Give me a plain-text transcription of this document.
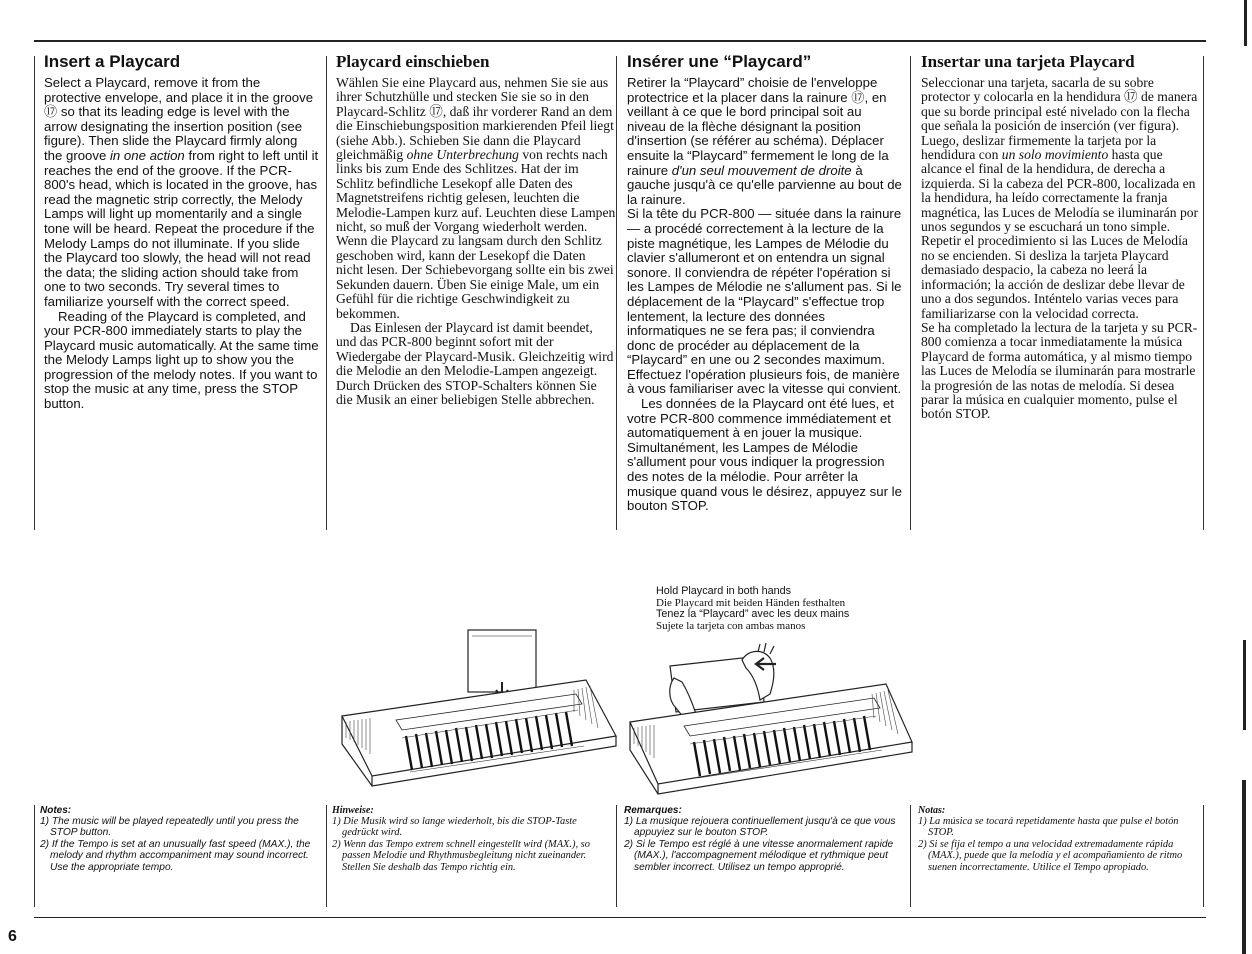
Insert a Playcard

Select a Playcard, remove it from the protective envelope, and place it in the groove ⑰ so that its leading edge is level with the arrow designating the insertion position (see figure). Then slide the Playcard firmly along the groove in one action from right to left until it reaches the end of the groove. If the PCR-800's head, which is located in the groove, has read the magnetic strip correctly, the Melody Lamps will light up momentarily and a single tone will be heard. Repeat the procedure if the Melody Lamps do not illuminate. If you slide the Playcard too slowly, the head will not read the data; the sliding action should take from one to two seconds. Try several times to familiarize yourself with the correct speed.

Reading of the Playcard is completed, and your PCR-800 immediately starts to play the Playcard music automatically. At the same time the Melody Lamps light up to show you the progression of the melody notes. If you want to stop the music at any time, press the STOP button.

Playcard einschieben

Wählen Sie eine Playcard aus, nehmen Sie sie aus ihrer Schutzhülle und stecken Sie sie so in den Playcard-Schlitz ⑰, daß ihr vorderer Rand an dem die Einschiebungsposition markierenden Pfeil liegt (siehe Abb.). Schieben Sie dann die Playcard gleichmäßig ohne Unterbrechung von rechts nach links bis zum Ende des Schlitzes. Hat der im Schlitz befindliche Lesekopf alle Daten des Magnetstreifens richtig gelesen, leuchten die Melodie-Lampen kurz auf. Leuchten diese Lampen nicht, so muß der Vorgang wiederholt werden. Wenn die Playcard zu langsam durch den Schlitz geschoben wird, kann der Lesekopf die Daten nicht lesen. Der Schiebevorgang sollte ein bis zwei Sekunden dauern. Üben Sie einige Male, um ein Gefühl für die richtige Geschwindigkeit zu bekommen.

Das Einlesen der Playcard ist damit beendet, und das PCR-800 beginnt sofort mit der Wiedergabe der Playcard-Musik. Gleichzeitig wird die Melodie an den Melodie-Lampen angezeigt. Durch Drücken des STOP-Schalters können Sie die Musik an einer beliebigen Stelle abbrechen.

Insérer une “Playcard”

Retirer la “Playcard” choisie de l'enveloppe protectrice et la placer dans la rainure ⑰, en veillant à ce que le bord principal soit au niveau de la flèche désignant la position d'insertion (se référer au schéma). Déplacer ensuite la “Playcard” fermement le long de la rainure d'un seul mouvement de droite à gauche jusqu'à ce qu'elle parvienne au bout de la rainure.

Si la tête du PCR-800 — située dans la rainure — a procédé correctement à la lecture de la piste magnétique, les Lampes de Mélodie du clavier s'allumeront et on entendra un signal sonore. Il conviendra de répéter l'opération si les Lampes de Mélodie ne s'allument pas. Si le déplacement de la “Playcard” s'effectue trop lentement, la lecture des données informatiques ne se fera pas; il conviendra donc de procéder au déplacement de la “Playcard” en une ou 2 secondes maximum. Effectuez l'opération plusieurs fois, de manière à vous familiariser avec la vitesse qui convient.

Les données de la Playcard ont été lues, et votre PCR-800 commence immédiatement et automatiquement à en jouer la musique. Simultanément, les Lampes de Mélodie s'allument pour vous indiquer la progression des notes de la mélodie. Pour arrêter la musique quand vous le désirez, appuyez sur le bouton STOP.

Insertar una tarjeta Playcard

Seleccionar una tarjeta, sacarla de su sobre protector y colocarla en la hendidura ⑰ de manera que su borde principal esté nivelado con la flecha que señala la posición de inserción (ver figura). Luego, deslizar firmemente la tarjeta por la hendidura con un solo movimiento hasta que alcance el final de la hendidura, de derecha a izquierda. Si la cabeza del PCR-800, localizada en la hendidura, ha leído correctamente la franja magnética, las Luces de Melodía se iluminarán por unos segundos y se escuchará un tono simple. Repetir el procedimiento si las Luces de Melodía no se encienden. Si desliza la tarjeta Playcard demasiado despacio, la cabeza no leerá la información; la acción de deslizar debe llevar de uno a dos segundos. Inténtelo varias veces para familiarizarse con la velocidad correcta.

Se ha completado la lectura de la tarjeta y su PCR-800 comienza a tocar inmediatamente la música Playcard de forma automática, y al mismo tiempo las Luces de Melodía se iluminarán para mostrarle la progresión de las notas de melodía. Si desea parar la música en cualquier momento, pulse el botón STOP.

Hold Playcard in both hands

Die Playcard mit beiden Händen festhalten

Tenez la “Playcard” avec les deux mains

Sujete la tarjeta con ambas manos

Notes:

1) The music will be played repeatedly until you press the STOP button.

2) If the Tempo is set at an unusually fast speed (MAX.), the melody and rhythm accompaniment may sound incorrect. Use the appropriate tempo.

Hinweise:

1) Die Musik wird so lange wiederholt, bis die STOP-Taste gedrückt wird.

2) Wenn das Tempo extrem schnell eingestellt wird (MAX.), so passen Melodie und Rhythmusbegleitung nicht zueinander. Stellen Sie deshalb das Tempo richtig ein.

Remarques:

1) La musique rejouera continuellement jusqu'à ce que vous appuyiez sur le bouton STOP.

2) Si le Tempo est réglé à une vitesse anormalement rapide (MAX.), l'accompagnement mélodique et rythmique peut sembler incorrect. Utilisez un tempo approprié.

Notas:

1) La música se tocará repetidamente hasta que pulse el botón STOP.

2) Si se fija el tempo a una velocidad extremadamente rápida (MAX.), puede que la melodía y el acompañamiento de ritmo suenen incorrectamente. Utilice el Tempo apropiado.

6
